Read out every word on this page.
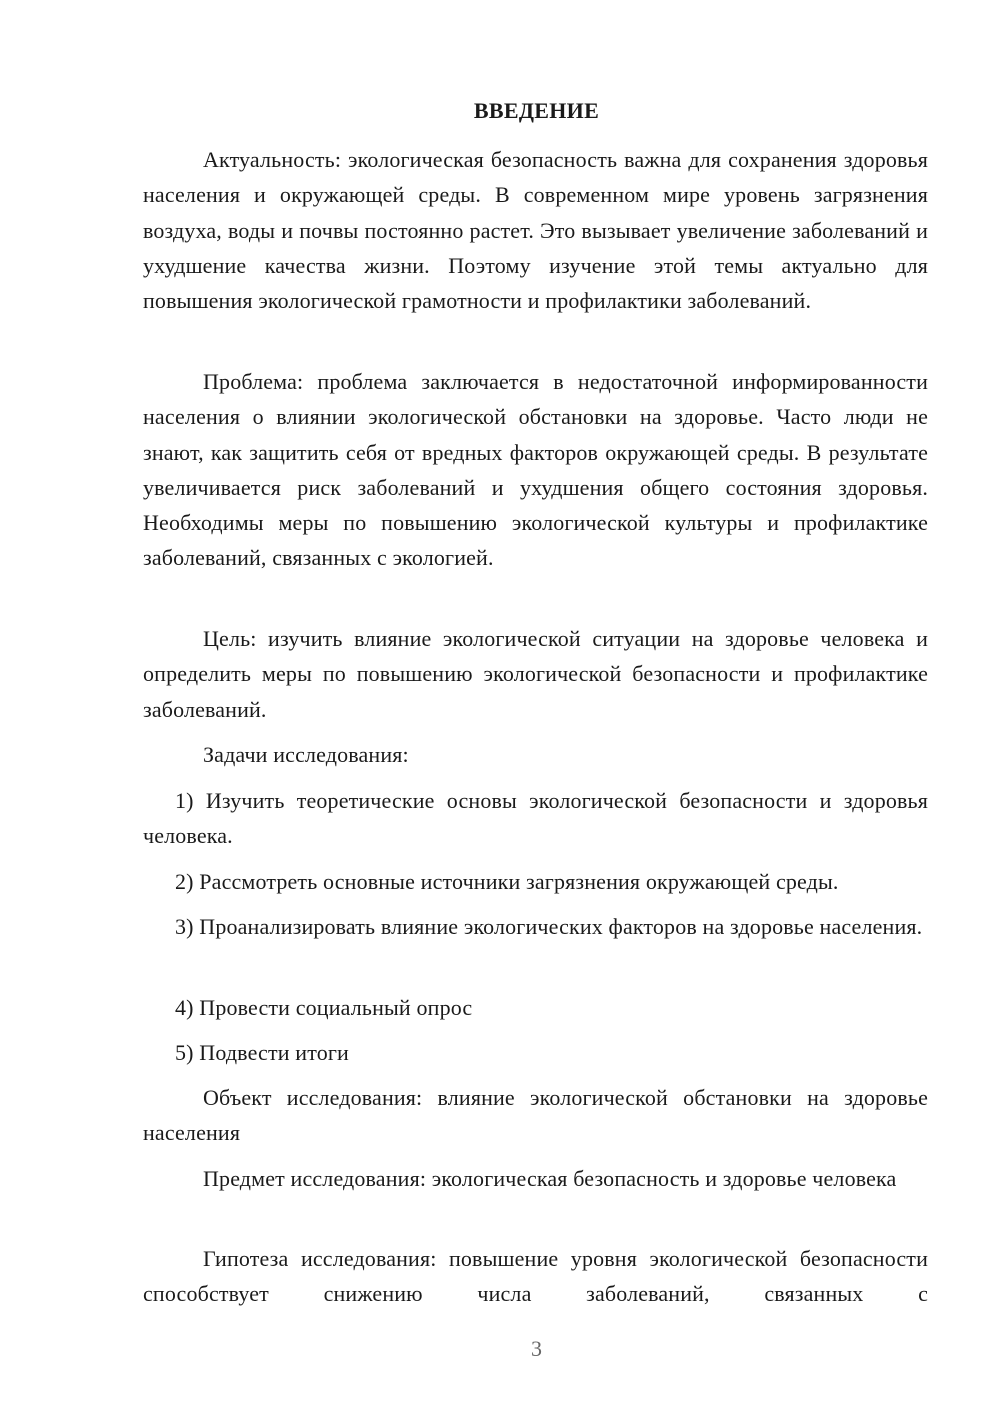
ВВЕДЕНИЕ

Актуальность: экологическая безопасность важна для сохранения здоровья населения и окружающей среды. В современном мире уровень загрязнения воздуха, воды и почвы постоянно растет. Это вызывает увеличение заболеваний и ухудшение качества жизни. Поэтому изучение этой темы актуально для повышения экологической грамотности и профилактики заболеваний.

Проблема: проблема заключается в недостаточной информированности населения о влиянии экологической обстановки на здоровье. Часто люди не знают, как защитить себя от вредных факторов окружающей среды. В результате увеличивается риск заболеваний и ухудшения общего состояния здоровья. Необходимы меры по повышению экологической культуры и профилактике заболеваний, связанных с экологией.

Цель: изучить влияние экологической ситуации на здоровье человека и определить меры по повышению экологической безопасности и профилактике заболеваний.

Задачи исследования:

1) Изучить теоретические основы экологической безопасности и здоровья человека.

2) Рассмотреть основные источники загрязнения окружающей среды.

3) Проанализировать влияние экологических факторов на здоровье населения.

4) Провести социальный опрос

5) Подвести итоги

Объект исследования: влияние экологической обстановки на здоровье населения

Предмет исследования: экологическая безопасность и здоровье человека

Гипотеза исследования: повышение уровня экологической безопасности способствует снижению числа заболеваний, связанных с

3
